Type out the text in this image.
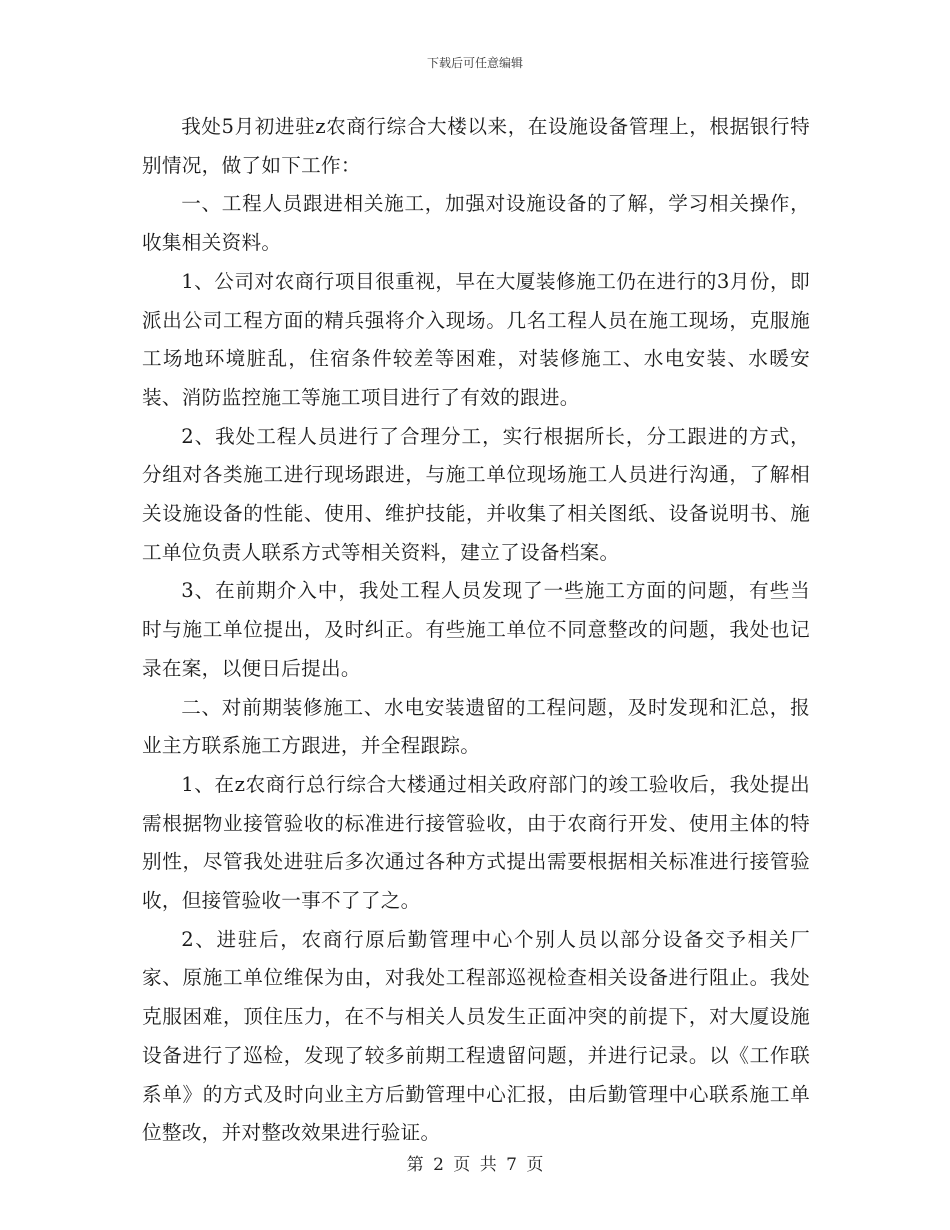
下载后可任意编辑

我处5月初进驻z农商行综合大楼以来，在设施设备管理上，根据银行特别情况，做了如下工作：

一、工程人员跟进相关施工，加强对设施设备的了解，学习相关操作，收集相关资料。

1、公司对农商行项目很重视，早在大厦装修施工仍在进行的3月份，即派出公司工程方面的精兵强将介入现场。几名工程人员在施工现场，克服施工场地环境脏乱，住宿条件较差等困难，对装修施工、水电安装、水暖安装、消防监控施工等施工项目进行了有效的跟进。

2、我处工程人员进行了合理分工，实行根据所长，分工跟进的方式，分组对各类施工进行现场跟进，与施工单位现场施工人员进行沟通，了解相关设施设备的性能、使用、维护技能，并收集了相关图纸、设备说明书、施工单位负责人联系方式等相关资料，建立了设备档案。

3、在前期介入中，我处工程人员发现了一些施工方面的问题，有些当时与施工单位提出，及时纠正。有些施工单位不同意整改的问题，我处也记录在案，以便日后提出。

二、对前期装修施工、水电安装遗留的工程问题，及时发现和汇总，报业主方联系施工方跟进，并全程跟踪。

1、在z农商行总行综合大楼通过相关政府部门的竣工验收后，我处提出需根据物业接管验收的标准进行接管验收，由于农商行开发、使用主体的特别性，尽管我处进驻后多次通过各种方式提出需要根据相关标准进行接管验收，但接管验收一事不了了之。

2、进驻后，农商行原后勤管理中心个别人员以部分设备交予相关厂家、原施工单位维保为由，对我处工程部巡视检查相关设备进行阻止。我处克服困难，顶住压力，在不与相关人员发生正面冲突的前提下，对大厦设施设备进行了巡检，发现了较多前期工程遗留问题，并进行记录。以《工作联系单》的方式及时向业主方后勤管理中心汇报，由后勤管理中心联系施工单位整改，并对整改效果进行验证。

第 2 页 共 7 页
